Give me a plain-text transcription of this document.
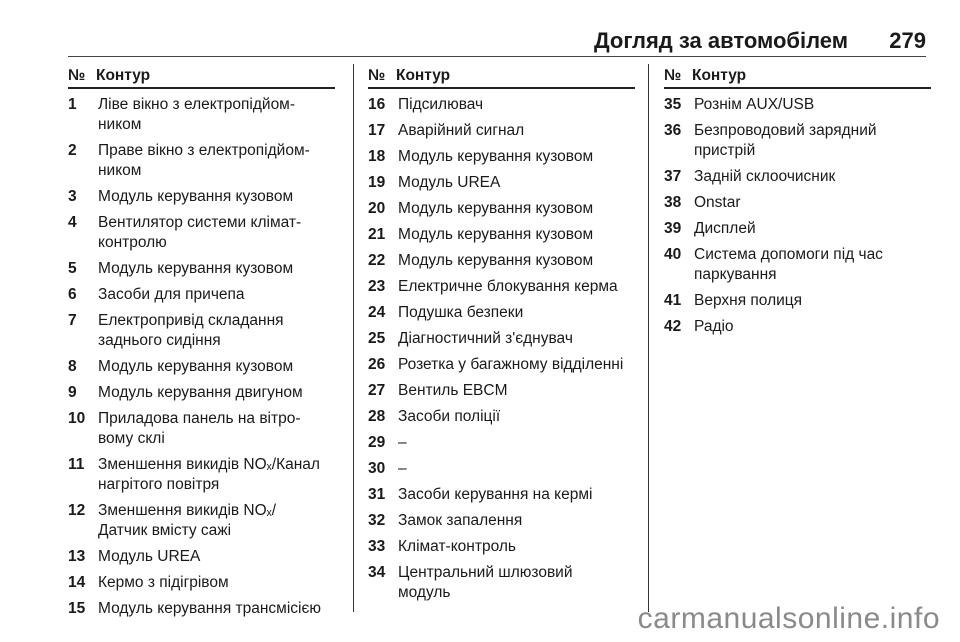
Догляд за автомобілем 279
№ Контур
1	Ліве вікно з електропідйом-
ником
2	Праве вікно з електропідйом-
ником
3	Модуль керування кузовом
4	Вентилятор системи клімат-
контролю
5	Модуль керування кузовом
6	Засоби для причепа
7	Електропривід складання
заднього сидіння
8	Модуль керування кузовом
9	Модуль керування двигуном
10 Приладова панель на вітро-
вому склі
11 Зменшення викидів NOₓ/Канал
нагрітого повітря
12 Зменшення викидів NOₓ/
Датчик вмісту сажі
13 Модуль UREA
14 Кермо з підігрівом
15 Модуль керування трансмісією
№ Контур
16 Підсилювач
17 Аварійний сигнал
18 Модуль керування кузовом
19 Модуль UREA
20 Модуль керування кузовом
21 Модуль керування кузовом
22 Модуль керування кузовом
23 Електричне блокування керма
24 Подушка безпеки
25 Діагностичний з'єднувач
26 Розетка у багажному відділенні
27 Вентиль EBCM
28 Засоби поліції
29 –
30 –
31 Засоби керування на кермі
32 Замок запалення
33 Клімат-контроль
34 Центральний шлюзовий
модуль
№ Контур
35 Рознім AUX/USB
36 Безпроводовий зарядний
пристрій
37 Задній склоочисник
38 Onstar
39 Дисплей
40 Система допомоги під час
паркування
41 Верхня полиця
42 Радіо
carmanualsonline.info
